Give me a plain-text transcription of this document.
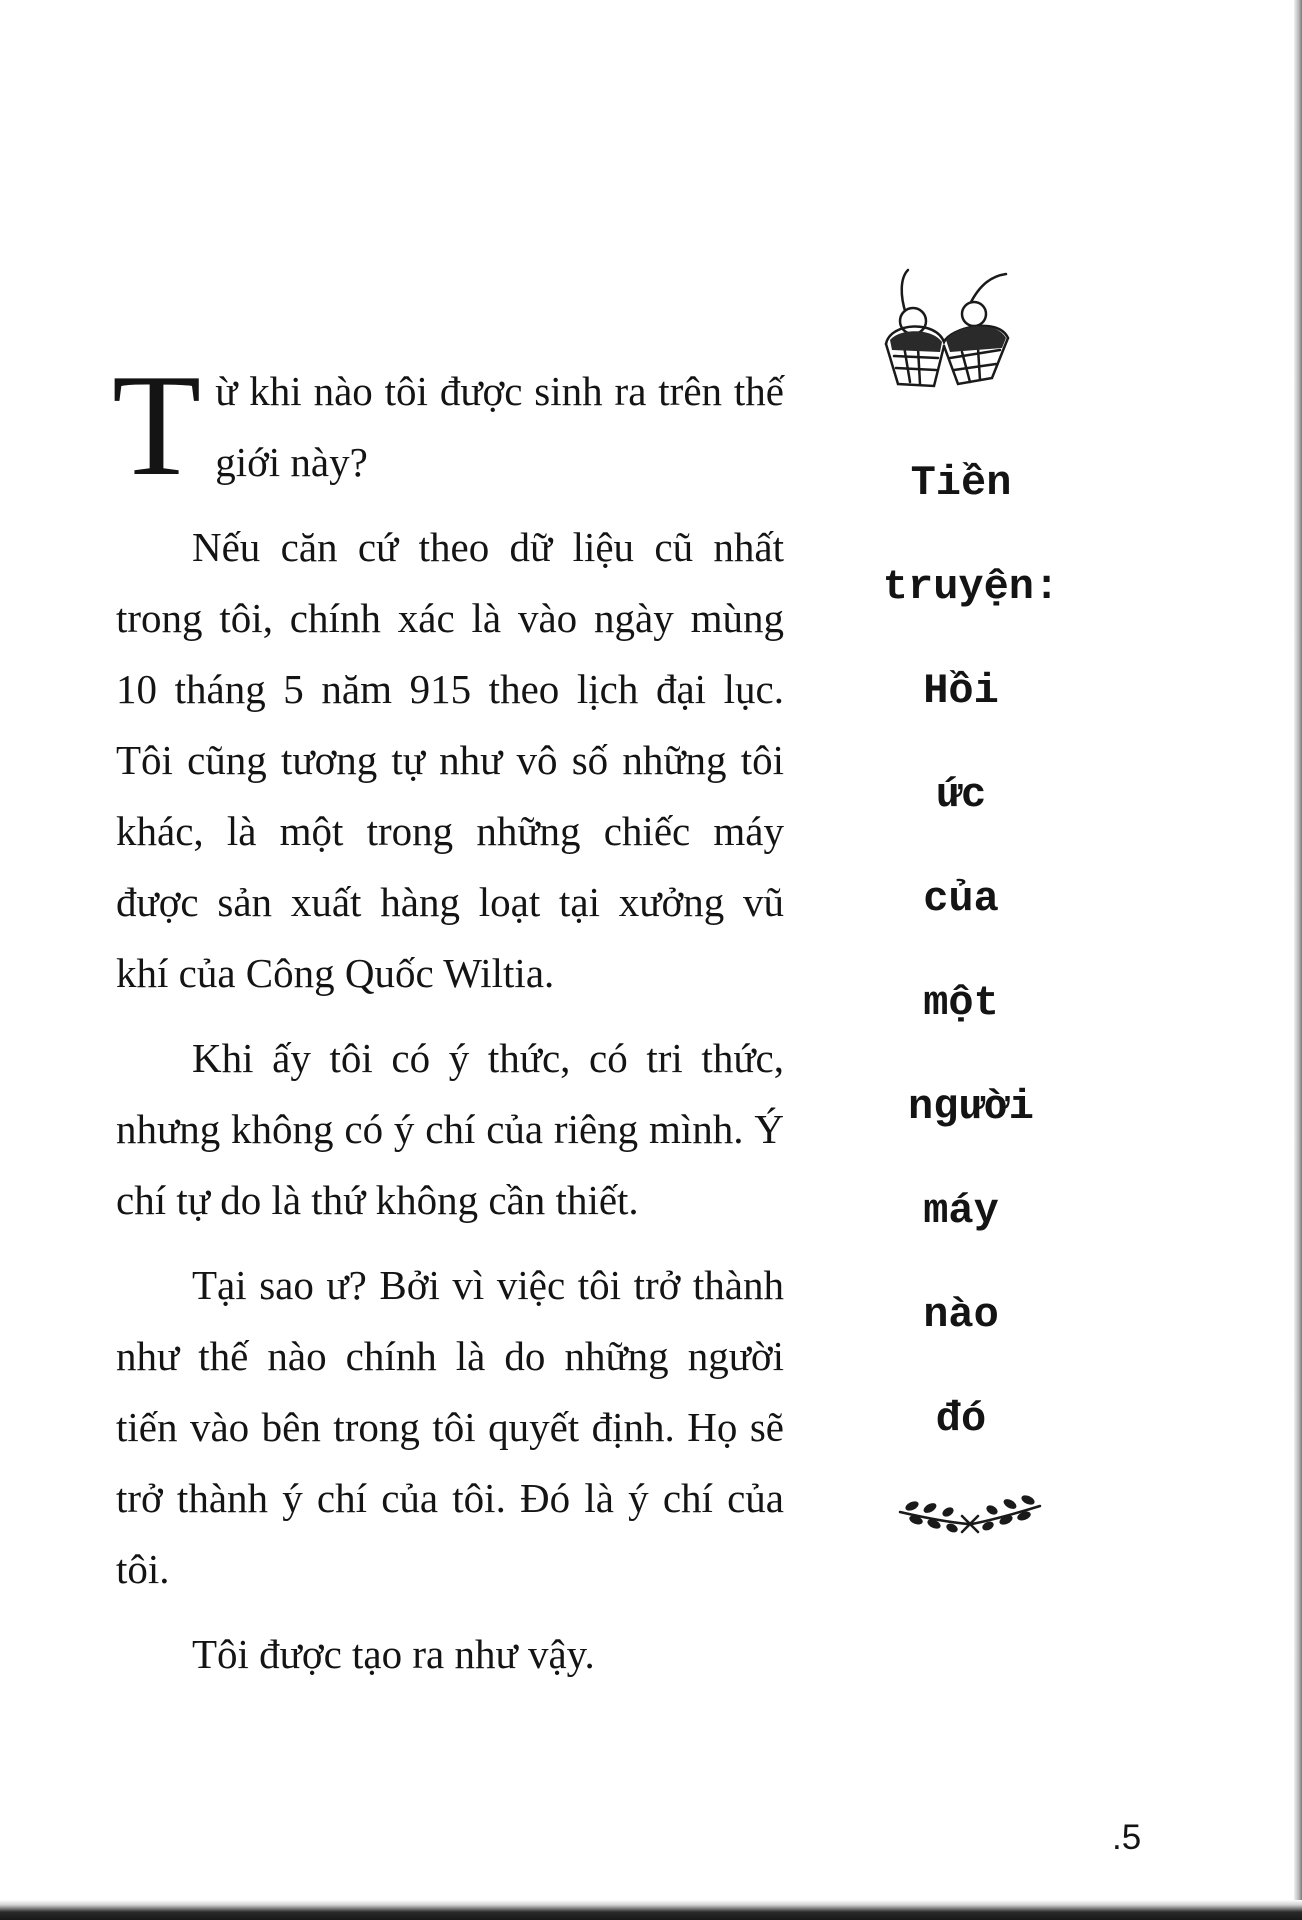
Từ khi nào tôi được sinh ra trên thế giới này?

Nếu căn cứ theo dữ liệu cũ nhất trong tôi, chính xác là vào ngày mùng 10 tháng 5 năm 915 theo lịch đại lục. Tôi cũng tương tự như vô số những tôi khác, là một trong những chiếc máy được sản xuất hàng loạt tại xưởng vũ khí của Công Quốc Wiltia.

Khi ấy tôi có ý thức, có tri thức, nhưng không có ý chí của riêng mình. Ý chí tự do là thứ không cần thiết.

Tại sao ư? Bởi vì việc tôi trở thành như thế nào chính là do những người tiến vào bên trong tôi quyết định. Họ sẽ trở thành ý chí của tôi. Đó là ý chí của tôi.

Tôi được tạo ra như vậy.

Tiền
truyện:
Hồi
ức
của
một
người
máy
nào
đó
.5
